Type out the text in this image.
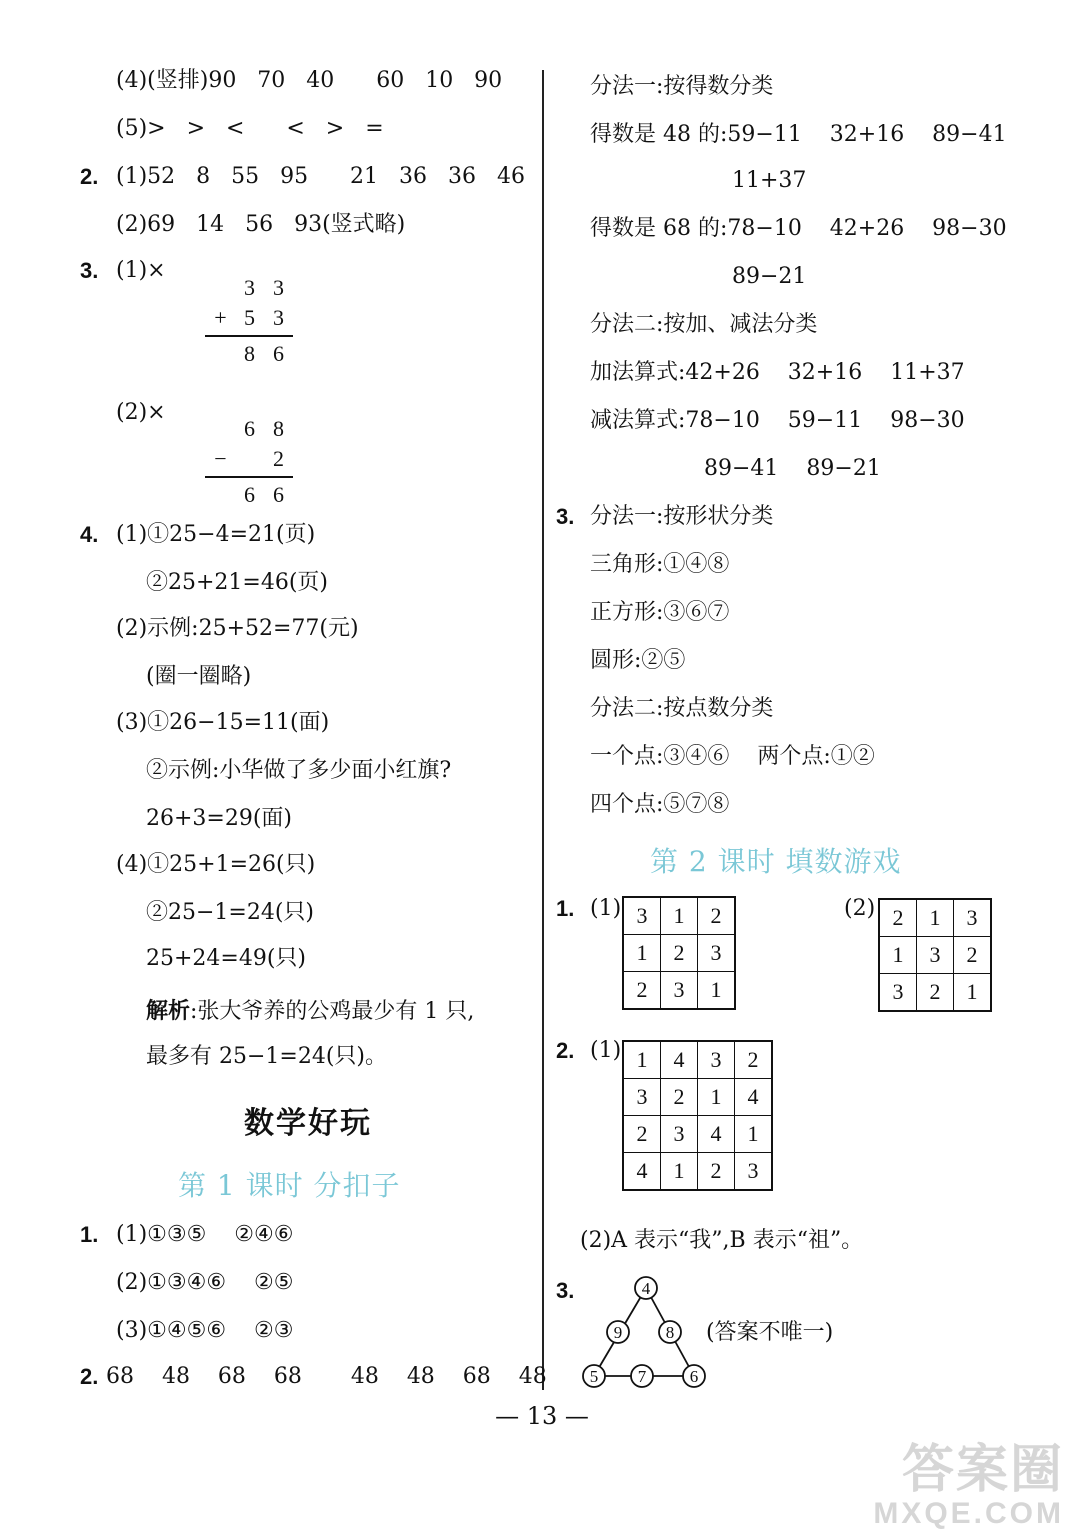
(4)(竖排)90   70   40      60   10   90
(5)>   >   <      <   >   =
2. (1)52   8   55   95      21   36   36   46
(2)69   14   56   93(竖式略)
3. (1)×
3 3
+ 5 3
8 6
(2)×
6 8
−	2
6 6
4. (1)①25−4=21(页)
②25+21=46(页)
(2)示例:25+52=77(元)
(圈一圈略)
(3)①26−15=11(面)
②示例:小华做了多少面小红旗?
26+3=29(面)
(4)①25+1=26(只)
②25−1=24(只)
25+24=49(只)
解析:张大爷养的公鸡最少有 1 只,
最多有 25−1=24(只)。
数学好玩
第 1 课时 分扣子
1. (1)①③⑤    ②④⑥
(2)①③④⑥    ②⑤
(3)①④⑤⑥    ②③
2. 68    48    68    68       48    48    68    48
分法一:按得数分类
得数是 48 的:59−11    32+16    89−41
11+37
得数是 68 的:78−10    42+26    98−30
89−21
分法二:按加、减法分类
加法算式:42+26    32+16    11+37
减法算式:78−10    59−11    98−30
89−41    89−21
3. 分法一:按形状分类
三角形:①④⑧
正方形:③⑥⑦
圆形:②⑤
分法二:按点数分类
一个点:③④⑥    两个点:①②
四个点:⑤⑦⑧
第 2 课时 填数游戏
1. (1) 3	1	2
1	2	3
2	3	1
(2) 2	1	3
1	3	2
3	2	1
2. (1) 1	4	3	2
3	2	1	4
2	3	4	1
4	1	2	3
(2)A 表示“我”,B 表示“祖”。
3.	4
9	8
5 7	6
(答案不唯一)
— 13 —
答案圈
MXQE.COM
